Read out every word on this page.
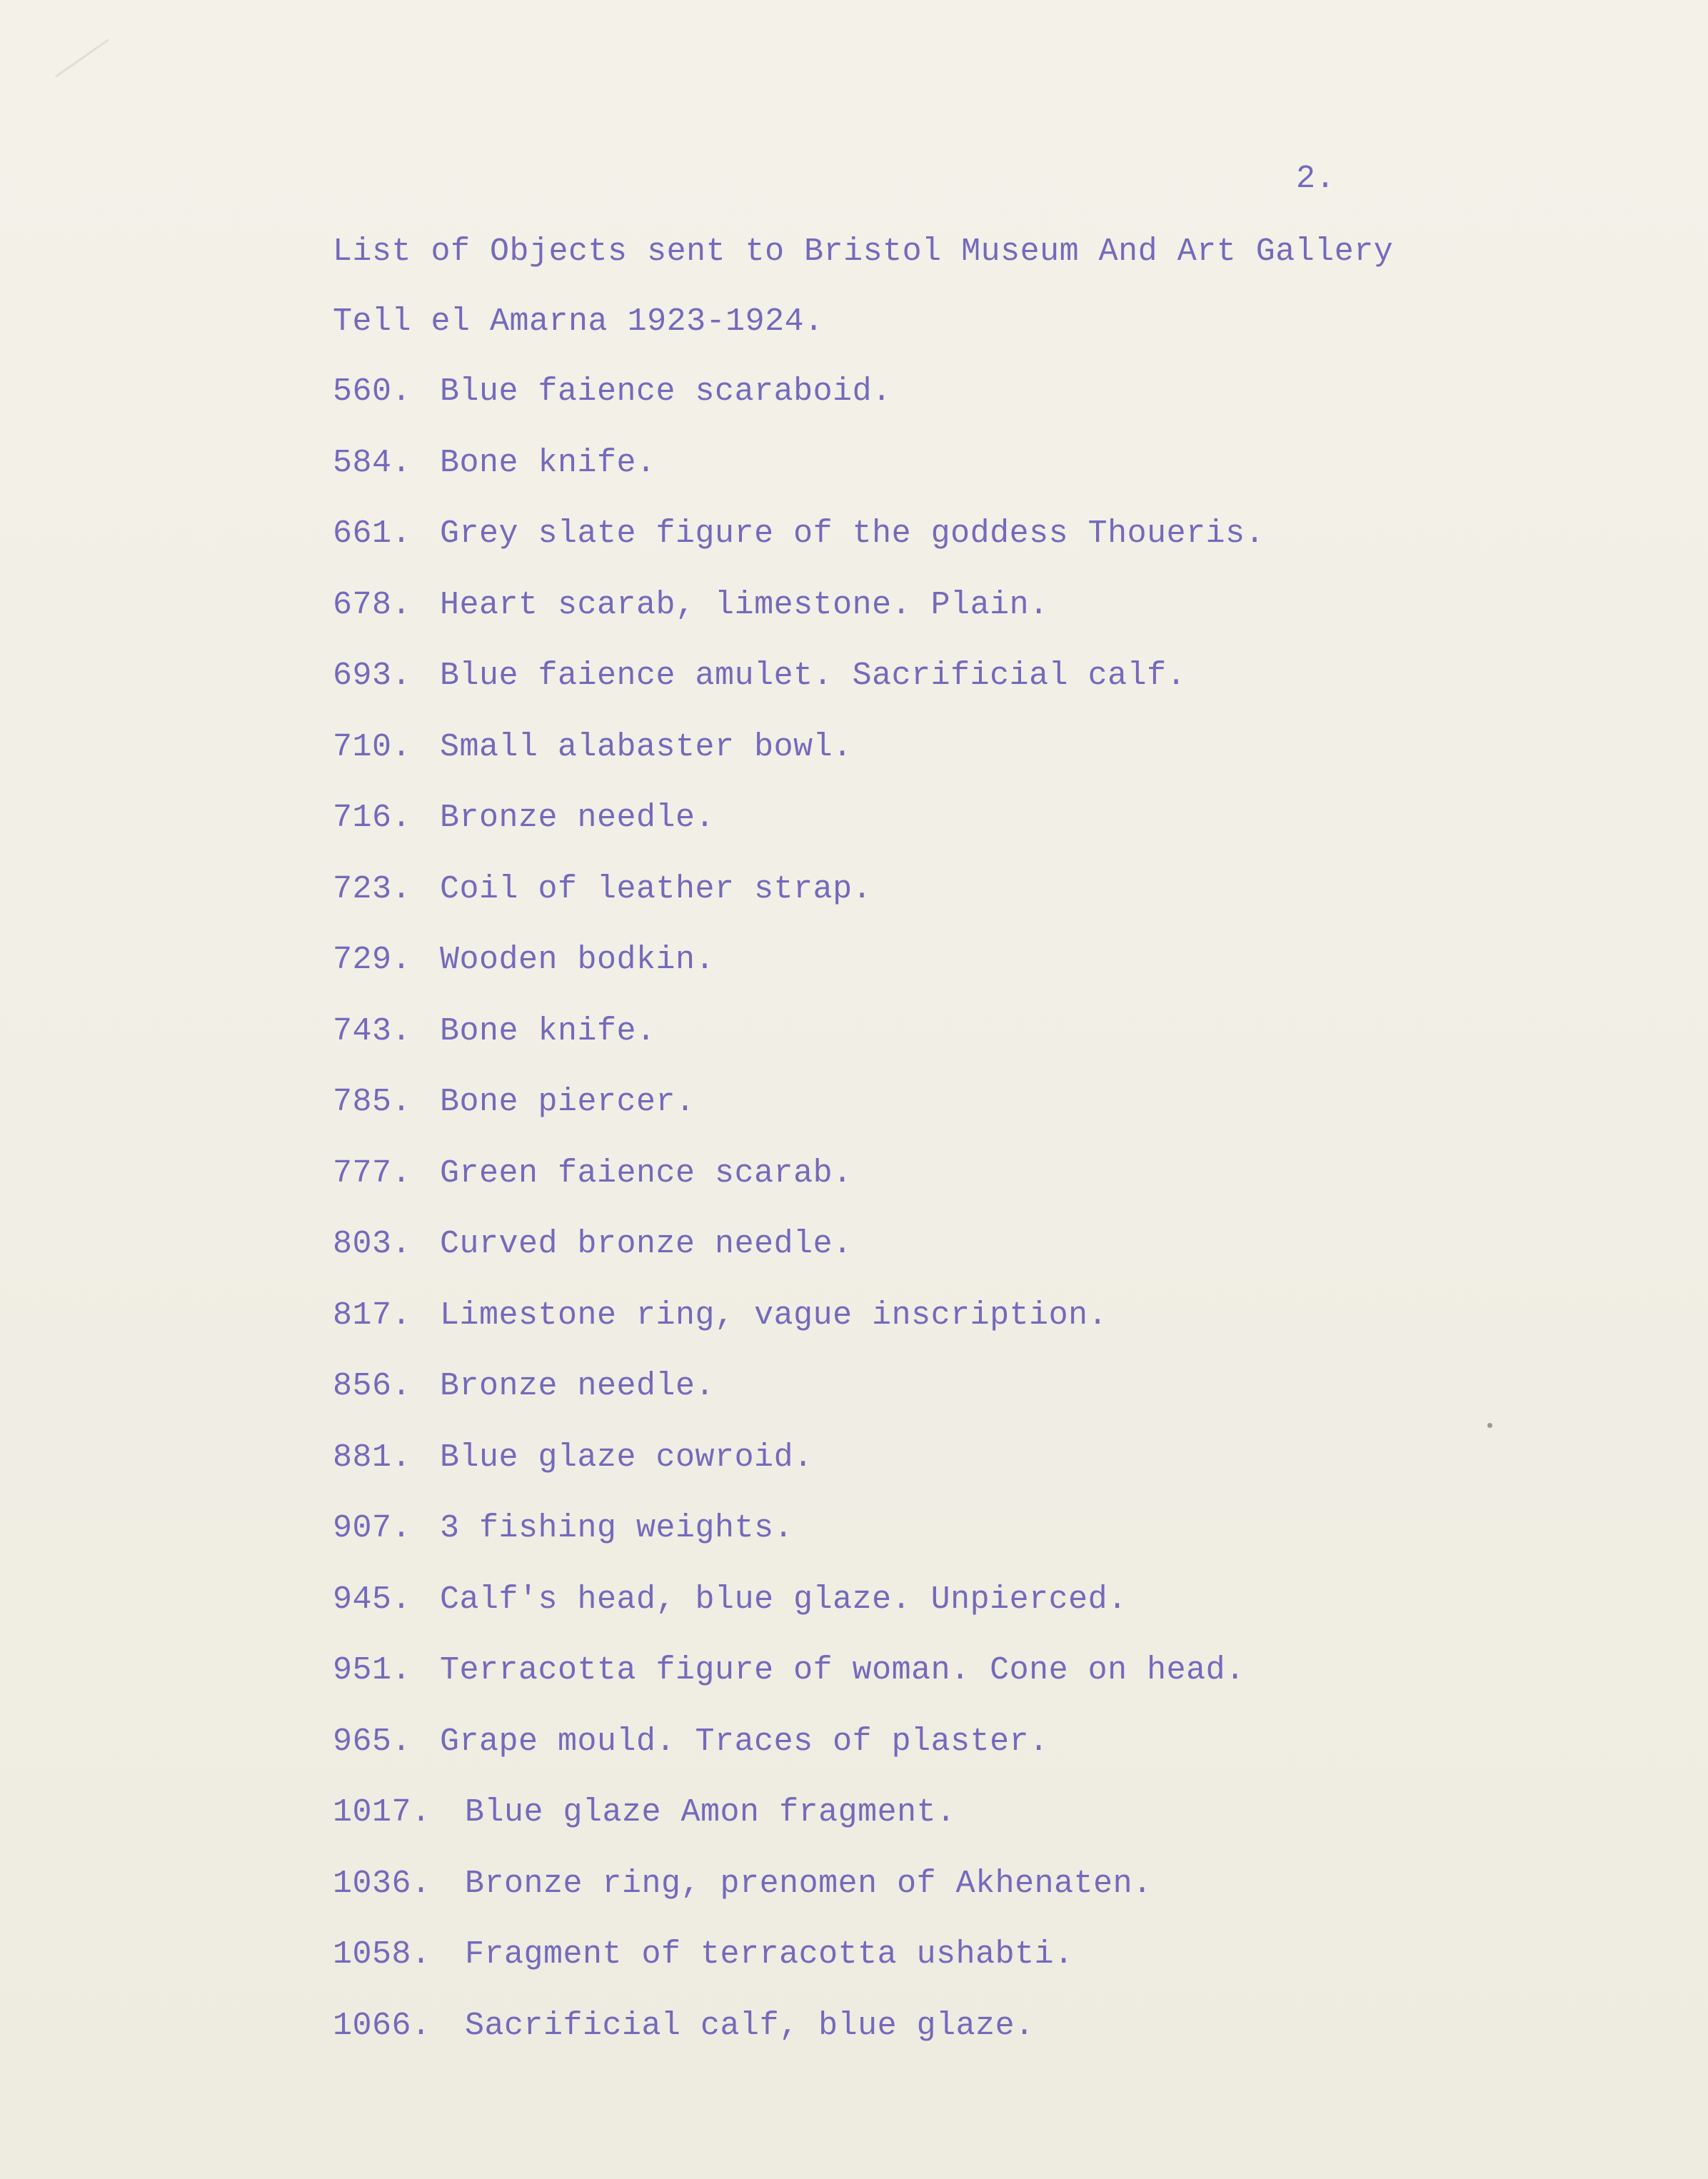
2.
List of Objects sent to Bristol Museum And Art Gallery
Tell el Amarna 1923-1924.
560. Blue faience scaraboid.
584. Bone knife.
661. Grey slate figure of the goddess Thoueris.
678. Heart scarab, limestone. Plain.
693. Blue faience amulet. Sacrificial calf.
710. Small alabaster bowl.
716. Bronze needle.
723. Coil of leather strap.
729. Wooden bodkin.
743. Bone knife.
785. Bone piercer.
777. Green faience scarab.
803. Curved bronze needle.
817. Limestone ring, vague inscription.
856. Bronze needle.
881. Blue glaze cowroid.
907. 3 fishing weights.
945. Calf's head, blue glaze. Unpierced.
951. Terracotta figure of woman. Cone on head.
965. Grape mould. Traces of plaster.
1017. Blue glaze Amon fragment.
1036. Bronze ring, prenomen of Akhenaten.
1058. Fragment of terracotta ushabti.
1066. Sacrificial calf, blue glaze.
